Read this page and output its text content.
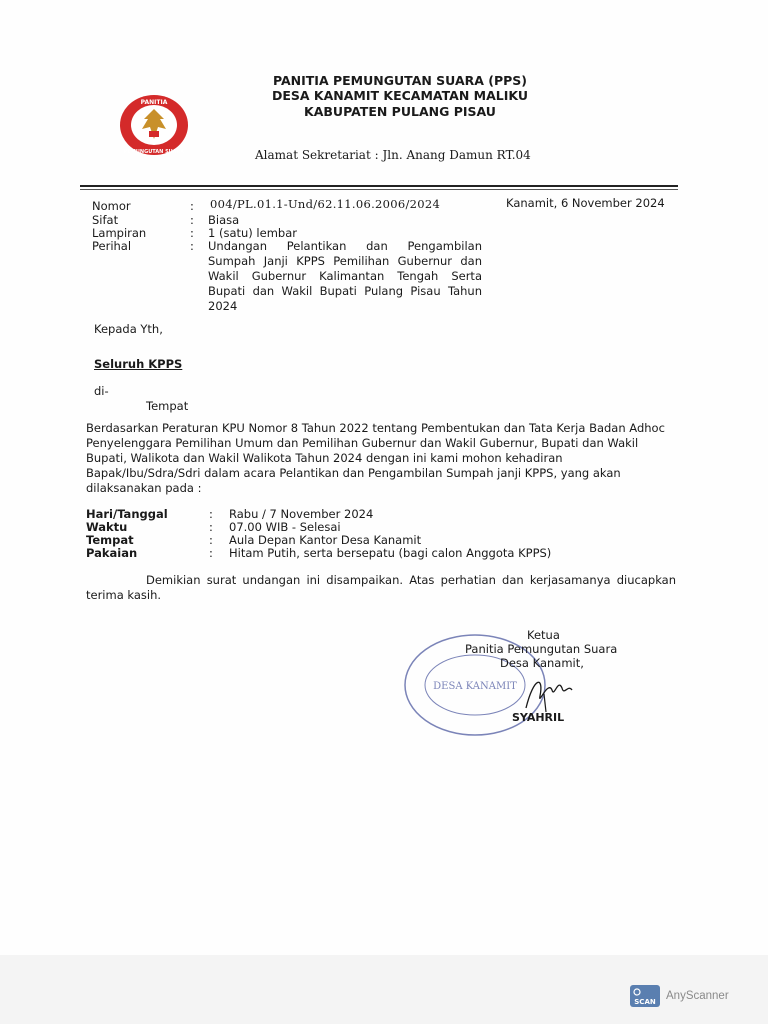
PANITIA
PEMUNGUTAN SUARA
PANITIA PEMUNGUTAN SUARA (PPS)
DESA KANAMIT KECAMATAN MALIKU
KABUPATEN PULANG PISAU
Alamat Sekretariat : Jln. Anang Damun RT.04
Nomor	: 004/PL.01.1-Und/62.11.06.2006/2024	Kanamit, 6 November 2024
Sifat	: Biasa
Lampiran	: 1 (satu) lembar
Perihal	: Undangan Pelantikan dan Pengambilan Sumpah Janji KPPS Pemilihan Gubernur dan Wakil Gubernur Kalimantan Tengah Serta Bupati dan Wakil Bupati Pulang Pisau Tahun 2024
Kepada Yth,
Seluruh KPPS
di-
Tempat
Berdasarkan Peraturan KPU Nomor 8 Tahun 2022 tentang Pembentukan dan Tata Kerja Badan Adhoc Penyelenggara Pemilihan Umum dan Pemilihan Gubernur dan Wakil Gubernur, Bupati dan Wakil Bupati, Walikota dan Wakil Walikota Tahun 2024 dengan ini kami mohon kehadiran Bapak/Ibu/Sdra/Sdri dalam acara Pelantikan dan Pengambilan Sumpah janji KPPS, yang akan dilaksanakan pada :
Hari/Tanggal	: Rabu / 7 November 2024
Waktu	: 07.00 WIB - Selesai
Tempat	: Aula Depan Kantor Desa Kanamit
Pakaian	: Hitam Putih, serta bersepatu (bagi calon Anggota KPPS)
Demikian surat undangan ini disampaikan. Atas perhatian dan kerjasamanya diucapkan terima kasih.
DESA KANAMIT
Ketua
Panitia Pemungutan Suara
Desa Kanamit,
SYAHRIL
SCAN AnyScanner
